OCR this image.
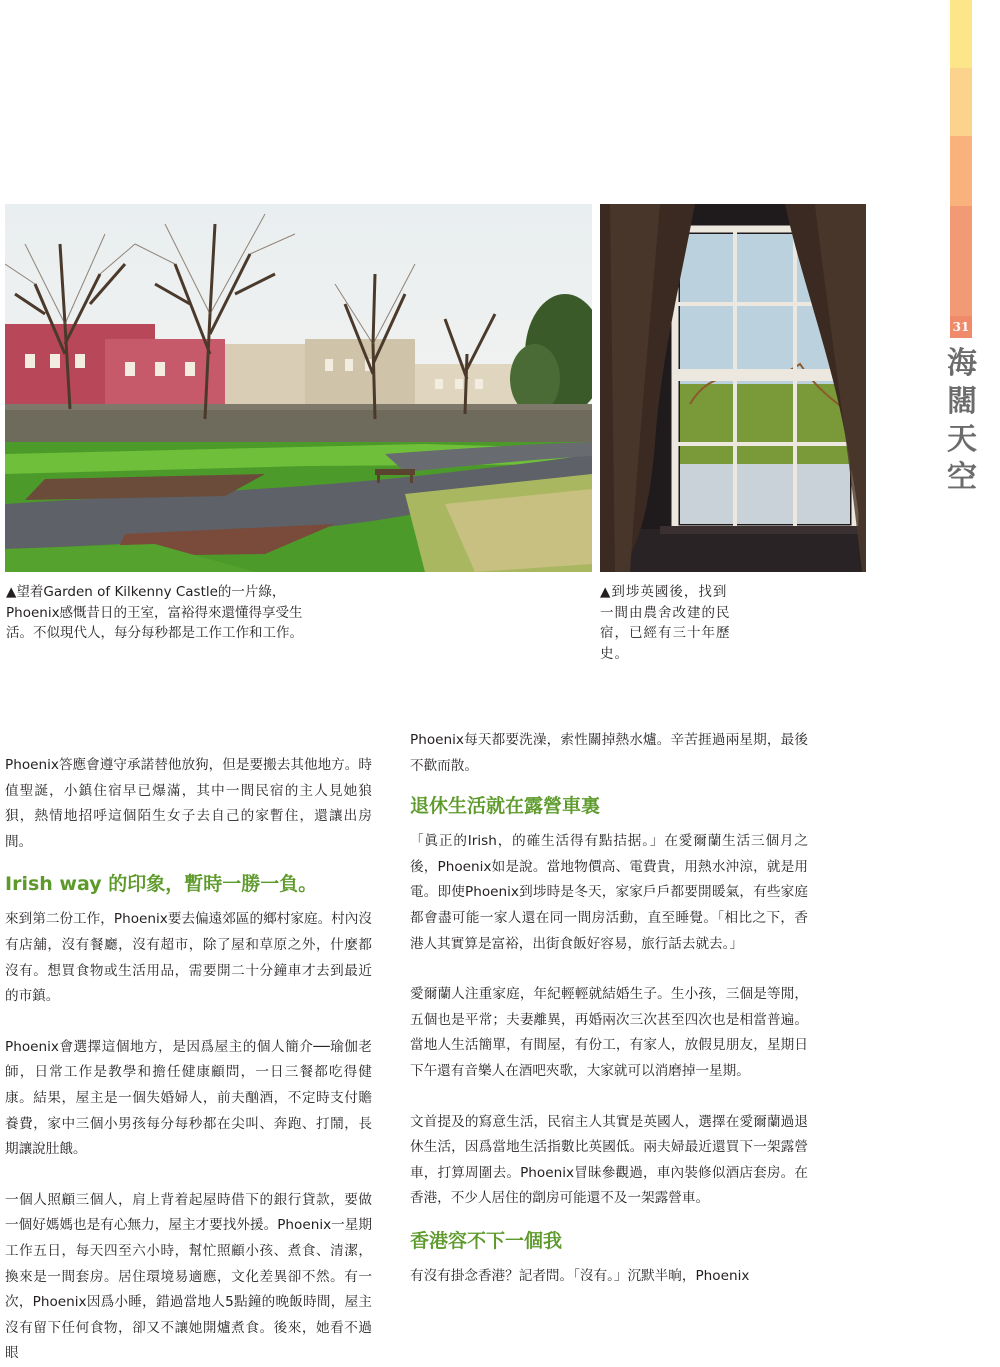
31
海闊天空
▲望着Garden of Kilkenny Castle的一片綠，Phoenix感慨昔日的王室，富裕得來還懂得享受生活。不似現代人，每分每秒都是工作工作和工作。
▲到埗英國後，找到一間由農舍改建的民宿，已經有三十年歷史。

Phoenix答應會遵守承諾替他放狗，但是要搬去其他地方。時值聖誕，小鎮住宿早已爆滿，其中一間民宿的主人見她狼狽，熱情地招呼這個陌生女子去自己的家暫住，還讓出房間。

Irish way 的印象，暫時一勝一負。

來到第二份工作，Phoenix要去偏遠郊區的鄉村家庭。村內沒有店舖，沒有餐廳，沒有超市，除了屋和草原之外，什麼都沒有。想買食物或生活用品，需要開二十分鐘車才去到最近的市鎮。

Phoenix會選擇這個地方，是因爲屋主的個人簡介──瑜伽老師，日常工作是教學和擔任健康顧問，一日三餐都吃得健康。結果，屋主是一個失婚婦人，前夫酗酒，不定時支付贍養費，家中三個小男孩每分每秒都在尖叫、奔跑、打鬧，長期讓說肚餓。

一個人照顧三個人，肩上背着起屋時借下的銀行貸款，要做一個好媽媽也是有心無力，屋主才要找外援。Phoenix一星期工作五日，每天四至六小時，幫忙照顧小孩、煮食、清潔，換來是一間套房。居住環境易適應，文化差異卻不然。有一次，Phoenix因爲小睡，錯過當地人5點鐘的晚飯時間，屋主沒有留下任何食物，卻又不讓她開爐煮食。後來，她看不過眼

Phoenix每天都要洗澡，索性關掉熱水爐。辛苦捱過兩星期，最後不歡而散。

退休生活就在露營車裏

「眞正的Irish，的確生活得有點拮据。」在愛爾蘭生活三個月之後，Phoenix如是說。當地物價高、電費貴，用熱水沖涼，就是用電。即使Phoenix到埗時是冬天，家家戶戶都要開暖氣，有些家庭都會盡可能一家人還在同一間房活動，直至睡覺。「相比之下，香港人其實算是富裕，出街食飯好容易，旅行話去就去。」

愛爾蘭人注重家庭，年紀輕輕就結婚生子。生小孩，三個是等閒，五個也是平常；夫妻離異，再婚兩次三次甚至四次也是相當普遍。當地人生活簡單，有間屋，有份工，有家人，放假見朋友，星期日下午還有音樂人在酒吧夾歌，大家就可以消磨掉一星期。

文首提及的寫意生活，民宿主人其實是英國人，選擇在愛爾蘭過退休生活，因爲當地生活指數比英國低。兩夫婦最近還買下一架露營車，打算周圍去。Phoenix冒昧參觀過，車內裝修似酒店套房。在香港，不少人居住的劏房可能還不及一架露營車。

香港容不下一個我

有沒有掛念香港？記者問。「沒有。」沉默半晌，Phoenix
